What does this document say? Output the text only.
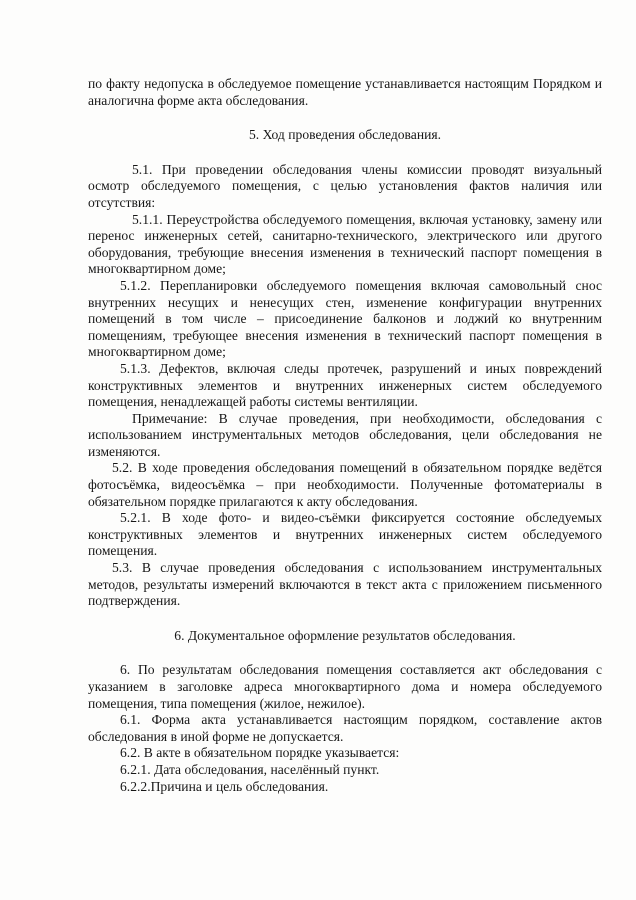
по факту недопуска в обследуемое помещение устанавливается настоящим Порядком и аналогична форме акта обследования.

5. Ход проведения обследования.

5.1. При проведении обследования члены комиссии проводят визуальный осмотр обследуемого помещения, с целью установления фактов наличия или отсутствия:

5.1.1. Переустройства обследуемого помещения, включая установку, замену или перенос инженерных сетей, санитарно-технического, электрического или другого оборудования, требующие внесения изменения в технический паспорт помещения в многоквартирном доме;

5.1.2. Перепланировки обследуемого помещения включая самовольный снос внутренних несущих и ненесущих стен, изменение конфигурации внутренних помещений в том числе – присоединение балконов и лоджий ко внутренним помещениям, требующее внесения изменения в технический паспорт помещения в многоквартирном доме;

5.1.3. Дефектов, включая следы протечек, разрушений и иных повреждений конструктивных элементов и внутренних инженерных систем обследуемого помещения, ненадлежащей работы системы вентиляции.

Примечание: В случае проведения, при необходимости, обследования с использованием инструментальных методов обследования, цели обследования не изменяются.

5.2. В ходе проведения обследования помещений в обязательном порядке ведётся фотосъёмка, видеосъёмка – при необходимости. Полученные фотоматериалы в обязательном порядке прилагаются к акту обследования.

5.2.1. В ходе фото- и видео-съёмки фиксируется состояние обследуемых конструктивных элементов и внутренних инженерных систем обследуемого помещения.

5.3. В случае проведения обследования с использованием инструментальных методов, результаты измерений включаются в текст акта с приложением письменного подтверждения.

6. Документальное оформление результатов обследования.

6. По результатам обследования помещения составляется акт обследования с указанием в заголовке адреса многоквартирного дома и номера обследуемого помещения, типа помещения (жилое, нежилое).

6.1. Форма акта устанавливается настоящим порядком, составление актов обследования в иной форме не допускается.

6.2. В акте в обязательном порядке указывается:

6.2.1. Дата обследования, населённый пункт.

6.2.2.Причина и цель обследования.
